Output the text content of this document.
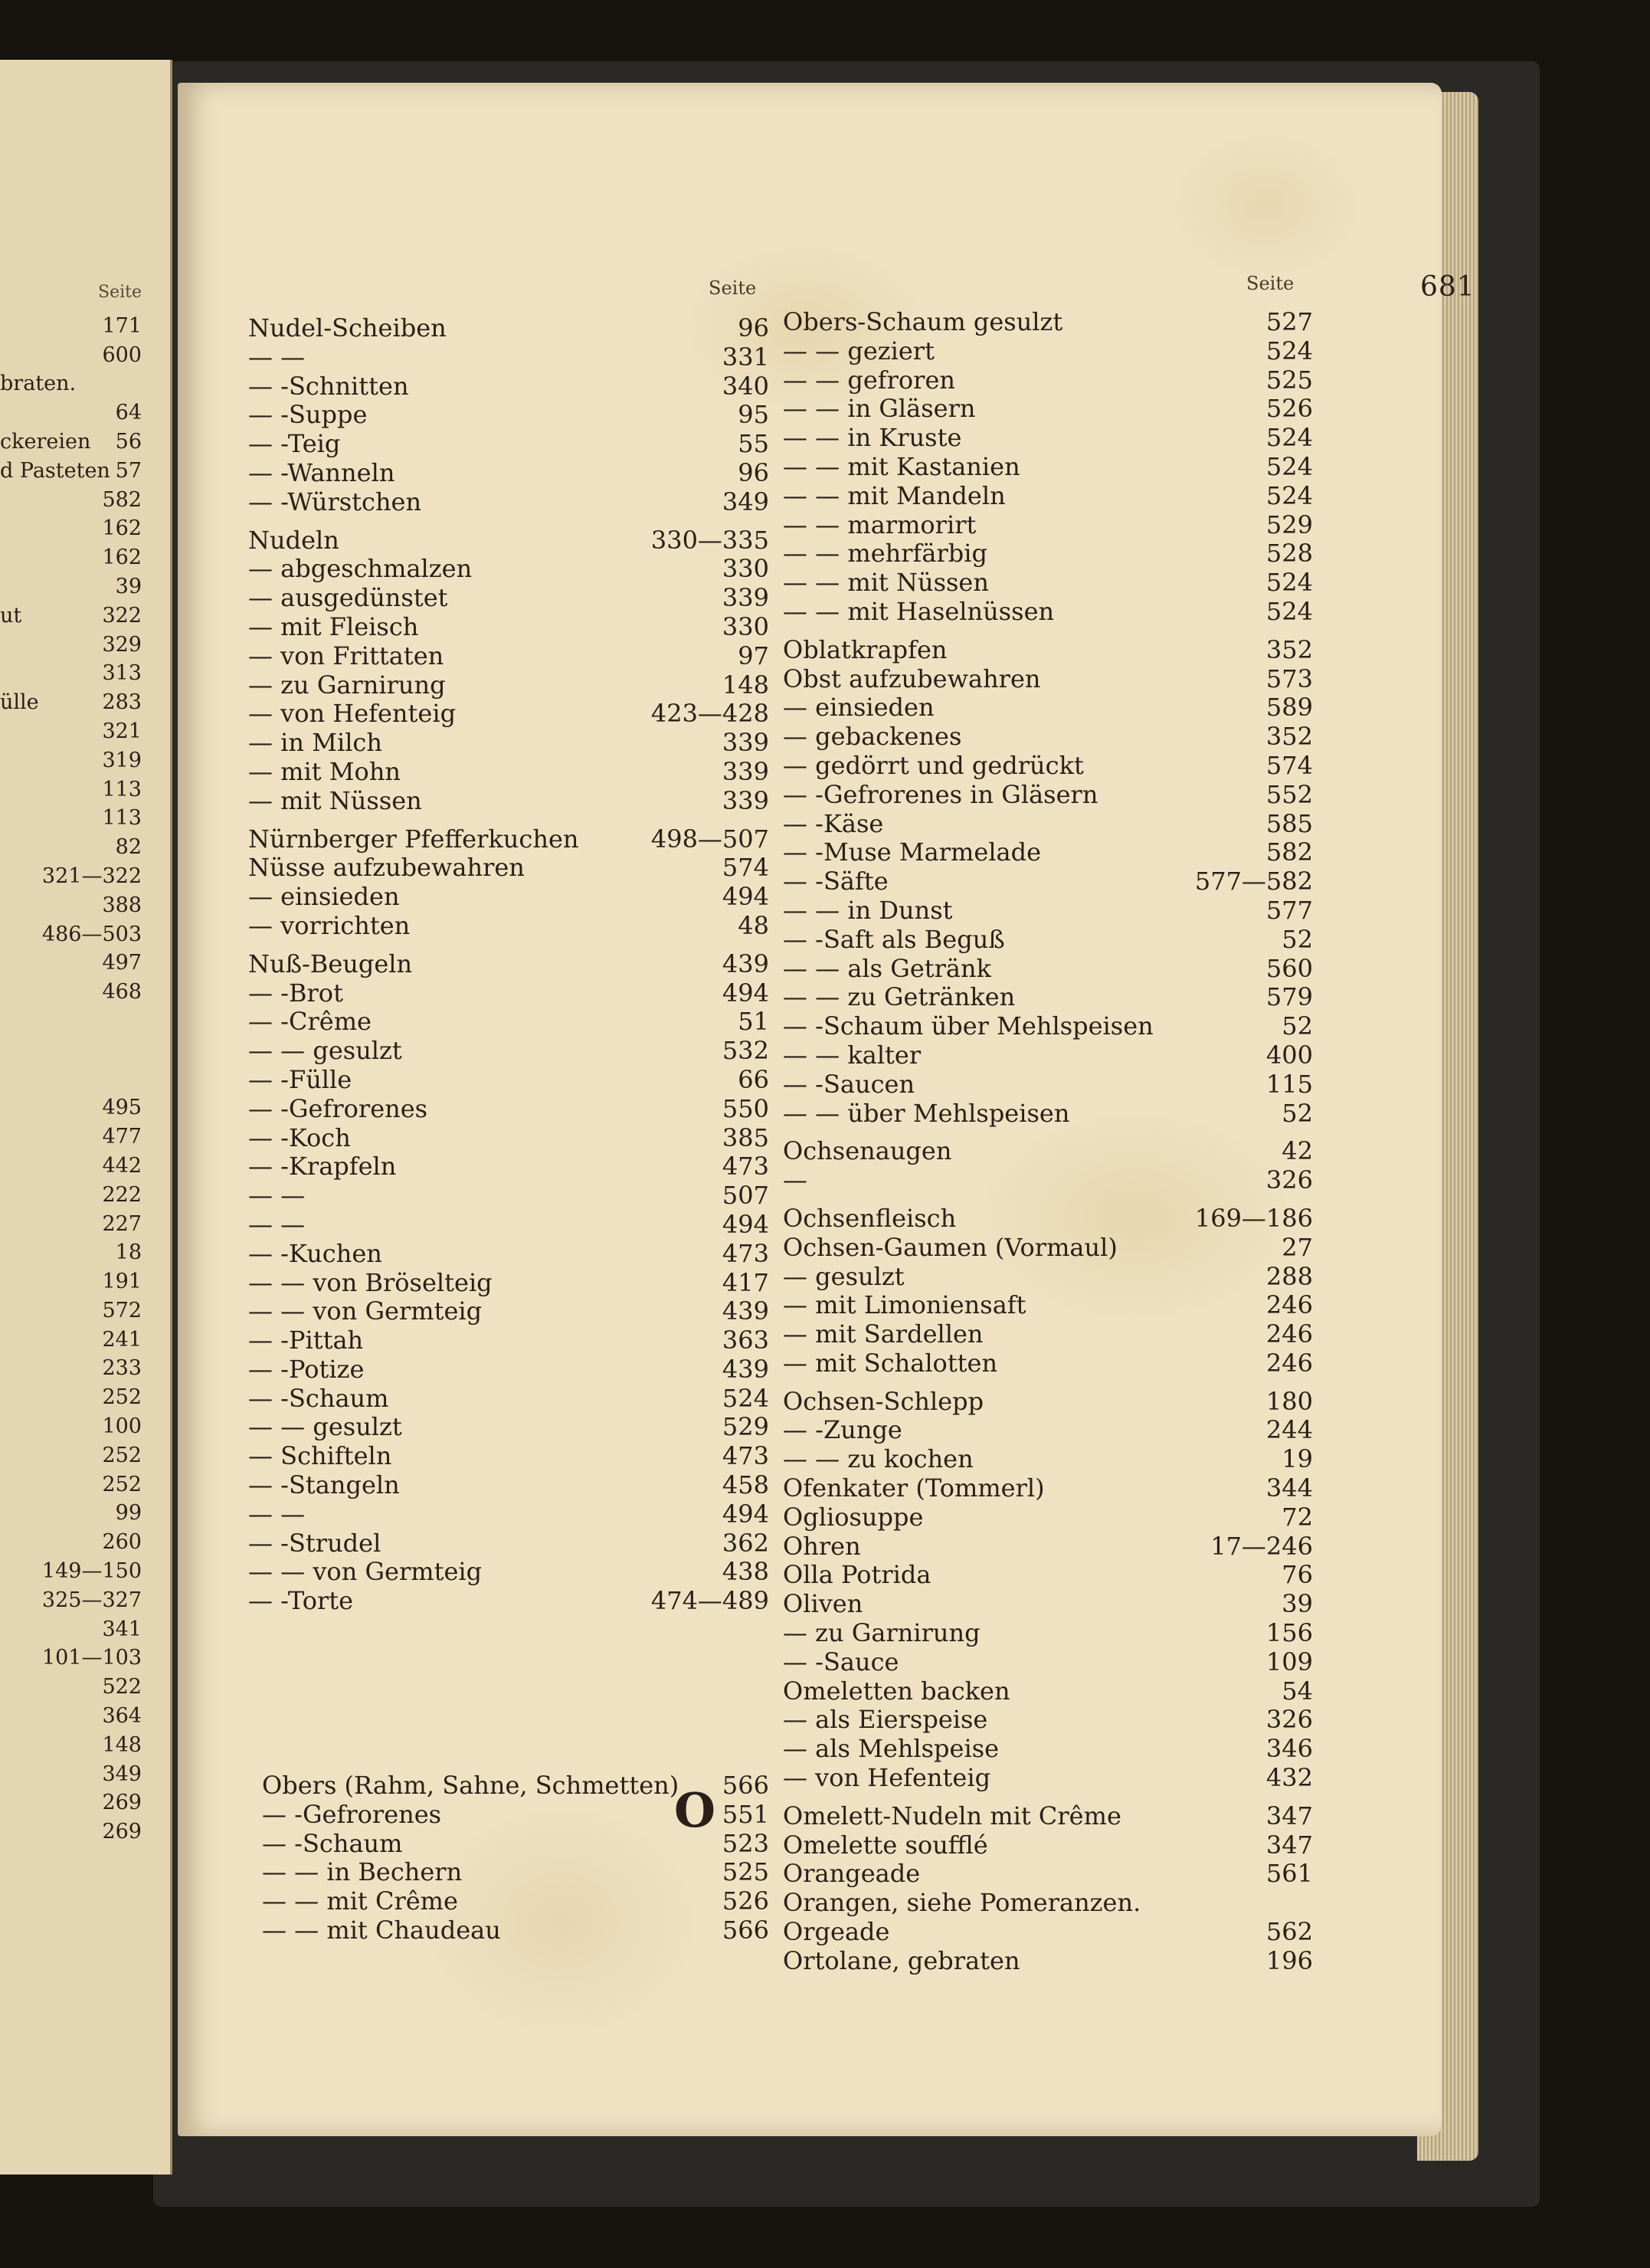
Seite
171
600
braten.
64
ckereien 56
d Pasteten 57
582
162
162
39
ut	322
329
313
ülle	283
321
319
113
113
82
321—322
388
486—503
497
468
495
477
442
222
227
18
191
572
241
233
252
100
252
252
99
260
149—150
325—327
341
101—103
522
364
148
349
269
269
681
Seite	Seite
Nudel-Scheiben	96
— —	331
— -Schnitten	340
— -Suppe	95
— -Teig	55
— -Wanneln	96
— -Würstchen	349
Nudeln	330—335
— abgeschmalzen	330
— ausgedünstet	339
— mit Fleisch	330
— von Frittaten	97
— zu Garnirung	148
— von Hefenteig	423—428
— in Milch	339
— mit Mohn	339
— mit Nüssen	339
Nürnberger Pfefferkuchen	498—507
Nüsse aufzubewahren	574
— einsieden	494
— vorrichten	48
Nuß-Beugeln	439
— -Brot	494
— -Crême	51
— — gesulzt	532
— -Fülle	66
— -Gefrorenes	550
— -Koch	385
— -Krapfeln	473
— —	507
— —	494
— -Kuchen	473
— — von Bröselteig	417
— — von Germteig	439
— -Pittah	363
— -Potize	439
— -Schaum	524
— — gesulzt	529
— Schifteln	473
— -Stangeln	458
— —	494
— -Strudel	362
— — von Germteig	438
— -Torte	474—489
O
Obers (Rahm, Sahne, Schmetten) 566
— -Gefrorenes	551
— -Schaum	523
— — in Bechern	525
— — mit Crême	526
— — mit Chaudeau	566
Obers-Schaum gesulzt	527
— — geziert	524
— — gefroren	525
— — in Gläsern	526
— — in Kruste	524
— — mit Kastanien	524
— — mit Mandeln	524
— — marmorirt	529
— — mehrfärbig	528
— — mit Nüssen	524
— — mit Haselnüssen	524
Oblatkrapfen	352
Obst aufzubewahren	573
— einsieden	589
— gebackenes	352
— gedörrt und gedrückt	574
— -Gefrorenes in Gläsern	552
— -Käse	585
— -Muse Marmelade	582
— -Säfte	577—582
— — in Dunst	577
— -Saft als Beguß	52
— — als Getränk	560
— — zu Getränken	579
— -Schaum über Mehlspeisen	52
— — kalter	400
— -Saucen	115
— — über Mehlspeisen	52
Ochsenaugen	42
—	326
Ochsenfleisch	169—186
Ochsen-Gaumen (Vormaul)	27
— gesulzt	288
— mit Limoniensaft	246
— mit Sardellen	246
— mit Schalotten	246
Ochsen-Schlepp	180
— -Zunge	244
— — zu kochen	19
Ofenkater (Tommerl)	344
Ogliosuppe	72
Ohren	17—246
Olla Potrida	76
Oliven	39
— zu Garnirung	156
— -Sauce	109
Omeletten backen	54
— als Eierspeise	326
— als Mehlspeise	346
— von Hefenteig	432
Omelett-Nudeln mit Crême	347
Omelette soufflé	347
Orangeade	561
Orangen, siehe Pomeranzen.
Orgeade	562
Ortolane, gebraten	196
